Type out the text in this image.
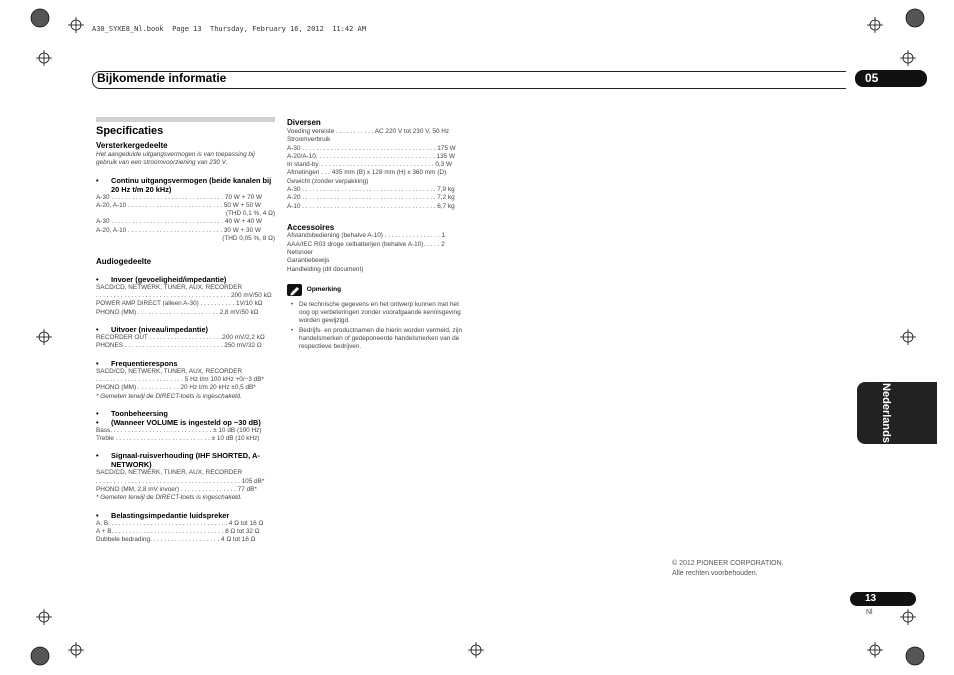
A30_SYXE8_Nl.book  Page 13  Thursday, February 16, 2012  11:42 AM
Bijkomende informatie	05
Nederlands
Specificaties
Versterkergedeelte
Het aangeduide uitgangsvermogen is van toepassing bij
gebruik van een stroomvoorziening van 230 V.
• Continu uitgangsvermogen (beide kanalen bij 20 Hz t/m 20 kHz)
A-30 . . . . . . . . . . . . . . . . . . . . . . . . . . . . . . . . 70 W + 70 W
A-20, A-10 . . . . . . . . . . . . . . . . . . . . . . . . . . . 50 W + 50 W
(THD 0,1 %, 4 Ω)
A-30 . . . . . . . . . . . . . . . . . . . . . . . . . . . . . . . . 40 W + 40 W
A-20, A-10 . . . . . . . . . . . . . . . . . . . . . . . . . . . 30 W + 30 W
(THD 0,05 %, 8 Ω)
Audiogedeelte
• Invoer (gevoeligheid/impedantie)
SACD/CD, NETWERK, TUNER, AUX, RECORDER
. . . . . . . . . . . . . . . . . . . . . . . . . . . . . . . . . . . . . . 200 mV/50 kΩ
POWER AMP DIRECT (alleen A-30) . . . . . . . . . . 1V/10 kΩ
PHONO (MM) . . . . . . . . . . . . . . . . . . . . . . . 2,8 mV/50 kΩ
• Uitvoer (niveau/impedantie)
RECORDER OUT . . . . . . . . . . . . . . . . . . . . .200 mV/2,2 kΩ
PHONES . . . . . . . . . . . . . . . . . . . . . . . . . . . . 250 mV/32 Ω
• Frequentierespons
SACD/CD, NETWERK, TUNER, AUX, RECORDER
. . . . . . . . . . . . . . . . . . . . . . . . . 5 Hz t/m 100 kHz +0/−3 dB*
PHONO (MM) . . . . . . . . . . . . 20 Hz t/m 20 kHz ±0,5 dB*
* Gemeten terwijl de DIRECT-toets is ingeschakeld.
• Toonbeheersing
• (Wanneer VOLUME is ingesteld op −30 dB)
Bass. . . . . . . . . . . . . . . . . . . . . . . . . . . . . ± 10 dB (100 Hz)
Treble . . . . . . . . . . . . . . . . . . . . . . . . . . . ± 10 dB (10 kHz)
• Signaal-ruisverhouding (IHF SHORTED, A-NETWORK)
SACD/CD, NETWERK, TUNER, AUX, RECORDER
. . . . . . . . . . . . . . . . . . . . . . . . . . . . . . . . . . . . . . . . . 105 dB*
PHONO (MM, 2,8 mV invoer) . . . . . . . . . . . . . . . . 77 dB*
* Gemeten terwijl de DIRECT-toets is ingeschakeld.
• Belastingsimpedantie luidspreker
A, B. . . . . . . . . . . . . . . . . . . . . . . . . . . . . . . . . . 4 Ω tot 16 Ω
A + B. . . . . . . . . . . . . . . . . . . . . . . . . . . . . . . . 8 Ω tot 32 Ω
Dubbele bedrading. . . . . . . . . . . . . . . . . . . . 4 Ω tot 16 Ω
Diversen
Voeding vereiste . . . . . . . . . . . AC 220 V tot 230 V, 50 Hz
Stroomverbruik
A-30 . . . . . . . . . . . . . . . . . . . . . . . . . . . . . . . . . . . . . . 175 W
A-20/A-10. . . . . . . . . . . . . . . . . . . . . . . . . . . . . . . . . . 135 W
In stand-by. . . . . . . . . . . . . . . . . . . . . . . . . . . . . . . . . 0,3 W
Afmetingen . . . 435 mm (B) x 128 mm (H) x 360 mm (D)
Gewicht (zonder verpakking)
A-30 . . . . . . . . . . . . . . . . . . . . . . . . . . . . . . . . . . . . . . 7,9 kg
A-20 . . . . . . . . . . . . . . . . . . . . . . . . . . . . . . . . . . . . . . 7,2 kg
A-10 . . . . . . . . . . . . . . . . . . . . . . . . . . . . . . . . . . . . . . 6,7 kg
Accessoires
Afstandsbediening (behalve A-10) . . . . . . . . . . . . . . . . 1
AAA/IEC R03 droge celbatterijen (behalve A-10). . . . . 2
Netsnoer
Garantiebewijs
Handleiding (dit document)
Opmerking
• De technische gegevens en het ontwerp kunnen met het oog op verbeteringen zonder voorafgaande kennisgeving worden gewijzigd.
• Bedrijfs- en productnamen die hierin worden vermeld, zijn handelsmerken of gedeponeerde handelsmerken van de respectieve bedrijven.
© 2012 PIONEER CORPORATION.
Alle rechten voorbehouden.
13
Nl
